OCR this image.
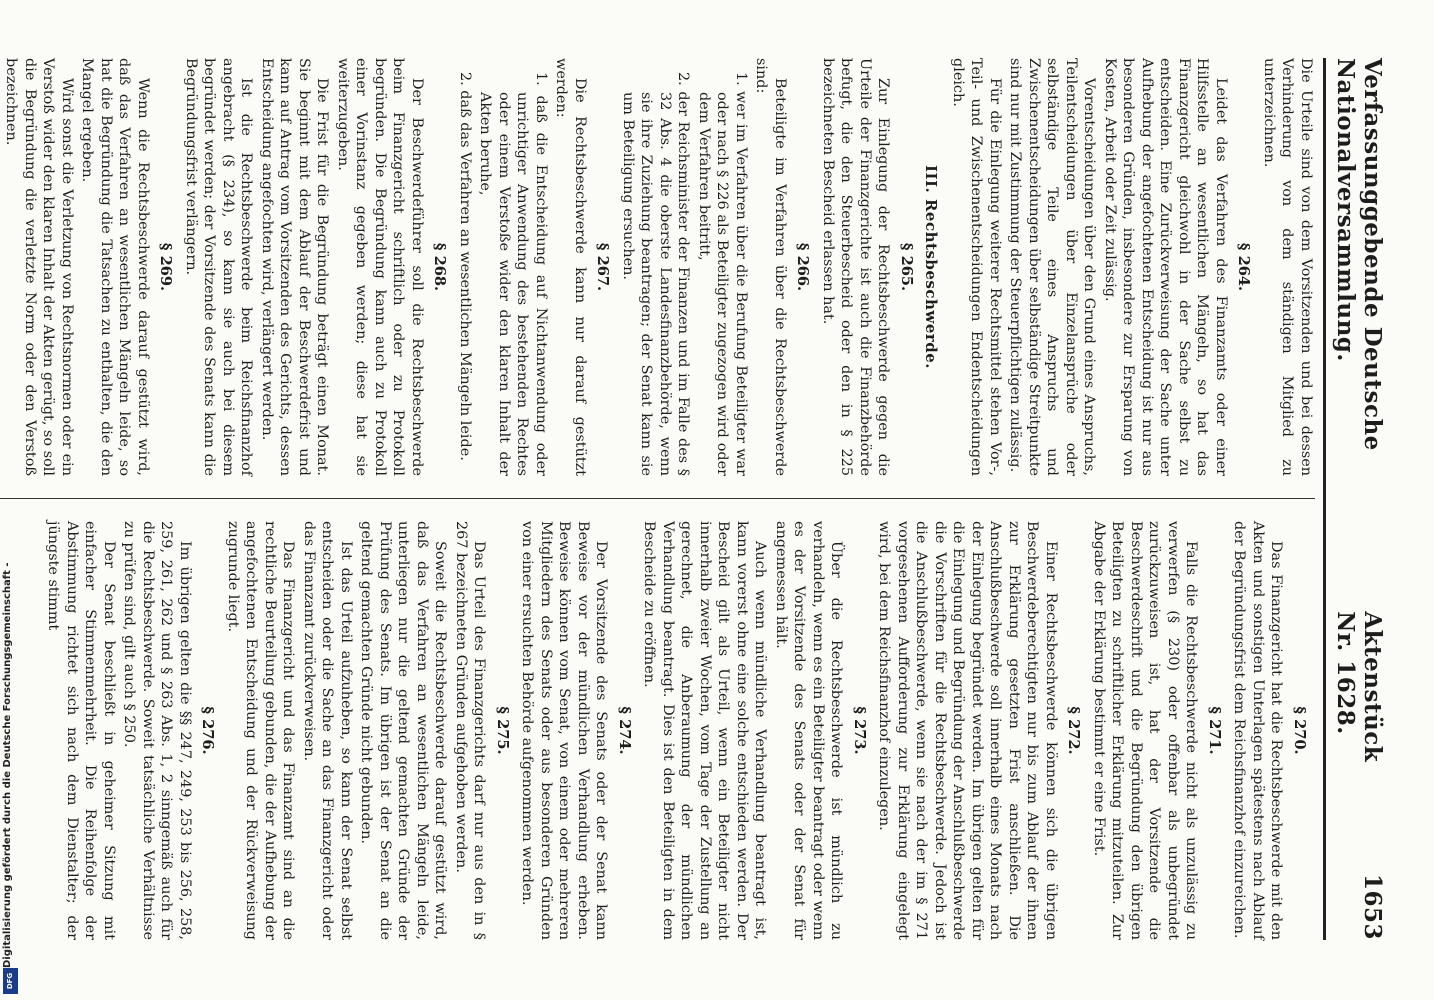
DFG
Digitalisierung gefördert durch die Deutsche Forschungsgemeinschaft -
Verfassunggebende Deutsche Nationalversammlung.
Aktenstück Nr. 1628.
1653

Die Urteile sind von dem Vorsitzenden und bei dessen Verhinderung von dem ständigen Mitglied zu unterzeichnen.

§ 264.

Leidet das Verfahren des Finanzamts oder einer Hilfsstelle an wesentlichen Mängeln, so hat das Finanzgericht gleichwohl in der Sache selbst zu entscheiden. Eine Zurückverweisung der Sache unter Aufhebung der angefochtenen Entscheidung ist nur aus besonderen Gründen, insbesondere zur Ersparung von Kosten, Arbeit oder Zeit zulässig.

Vorentscheidungen über den Grund eines Anspruchs, Teilentscheidungen über Einzelansprüche oder selbständige Teile eines Anspruchs und Zwischenentscheidungen über selbständige Streitpunkte sind nur mit Zustimmung der Steuerpflichtigen zulässig.

Für die Einlegung weiterer Rechtsmittel stehen Vor-, Teil- und Zwischenentscheidungen Endentscheidungen gleich.

III. Rechtsbeschwerde.
§ 265.

Zur Einlegung der Rechtsbeschwerde gegen die Urteile der Finanzgerichte ist auch die Finanzbehörde befugt, die den Steuerbescheid oder den in § 225 bezeichneten Bescheid erlassen hat.

§ 266.

Beteiligte im Verfahren über die Rechtsbeschwerde sind:

1. wer im Verfahren über die Berufung Beteiligter war oder nach § 226 als Beteiligter zugezogen wird oder dem Verfahren beitritt,

2. der Reichsminister der Finanzen und im Falle des § 32 Abs. 4 die oberste Landesfinanzbehörde, wenn sie ihre Zuziehung beantragen; der Senat kann sie um Beteiligung ersuchen.

§ 267.

Die Rechtsbeschwerde kann nur darauf gestützt werden:

1. daß die Entscheidung auf Nichtanwendung oder unrichtiger Anwendung des bestehenden Rechtes oder einem Verstoße wider den klaren Inhalt der Akten beruhe,

2. daß das Verfahren an wesentlichen Mängeln leide.

§ 268.

Der Beschwerdeführer soll die Rechtsbeschwerde beim Finanzgericht schriftlich oder zu Protokoll begründen. Die Begründung kann auch zu Protokoll einer Vorinstanz gegeben werden; diese hat sie weiterzugeben.

Die Frist für die Begründung beträgt einen Monat. Sie beginnt mit dem Ablauf der Beschwerdefrist und kann auf Antrag vom Vorsitzenden des Gerichts, dessen Entscheidung angefochten wird, verlängert werden.

Ist die Rechtsbeschwerde beim Reichsfinanzhof angebracht (§ 234), so kann sie auch bei diesem begründet werden; der Vorsitzende des Senats kann die Begründungsfrist verlängern.

§ 269.

Wenn die Rechtsbeschwerde darauf gestützt wird, daß das Verfahren an wesentlichen Mängeln leide, so hat die Begründung die Tatsachen zu enthalten, die den Mangel ergeben.

Wird sonst die Verletzung von Rechtsnormen oder ein Verstoß wider den klaren Inhalt der Akten gerügt, so soll die Begründung die verletzte Norm oder den Verstoß bezeichnen.

§ 270.

Das Finanzgericht hat die Rechtsbeschwerde mit den Akten und sonstigen Unterlagen spätestens nach Ablauf der Begründungsfrist dem Reichsfinanzhof einzureichen.

§ 271.

Falls die Rechtsbeschwerde nicht als unzulässig zu verwerfen (§ 230) oder offenbar als unbegründet zurückzuweisen ist, hat der Vorsitzende die Beschwerdeschrift und die Begründung den übrigen Beteiligten zu schriftlicher Erklärung mitzuteilen. Zur Abgabe der Erklärung bestimmt er eine Frist.

§ 272.

Einer Rechtsbeschwerde können sich die übrigen Beschwerdeberechtigten nur bis zum Ablauf der ihnen zur Erklärung gesetzten Frist anschließen. Die Anschlußbeschwerde soll innerhalb eines Monats nach der Einlegung begründet werden. Im übrigen gelten für die Einlegung und Begründung der Anschlußbeschwerde die Vorschriften für die Rechtsbeschwerde. Jedoch ist die Anschlußbeschwerde, wenn sie nach der im § 271 vorgesehenen Aufforderung zur Erklärung eingelegt wird, bei dem Reichsfinanzhof einzulegen.

§ 273.

Über die Rechtsbeschwerde ist mündlich zu verhandeln, wenn es ein Beteiligter beantragt oder wenn es der Vorsitzende des Senats oder der Senat für angemessen hält.

Auch wenn mündliche Verhandlung beantragt ist, kann vorerst ohne eine solche entschieden werden. Der Bescheid gilt als Urteil, wenn ein Beteiligter nicht innerhalb zweier Wochen, vom Tage der Zustellung an gerechnet, die Anberaumung der mündlichen Verhandlung beantragt. Dies ist den Beteiligten in dem Bescheide zu eröffnen.

§ 274.

Der Vorsitzende des Senats oder der Senat kann Beweise vor der mündlichen Verhandlung erheben. Beweise können vom Senat, von einem oder mehreren Mitgliedern des Senats oder aus besonderen Gründen von einer ersuchten Behörde aufgenommen werden.

§ 275.

Das Urteil des Finanzgerichts darf nur aus den in § 267 bezeichneten Gründen aufgehoben werden.

Soweit die Rechtsbeschwerde darauf gestützt wird, daß das Verfahren an wesentlichen Mängeln leide, unterliegen nur die geltend gemachten Gründe der Prüfung des Senats. Im übrigen ist der Senat an die geltend gemachten Gründe nicht gebunden.

Ist das Urteil aufzuheben, so kann der Senat selbst entscheiden oder die Sache an das Finanzgericht oder das Finanzamt zurückverweisen.

Das Finanzgericht und das Finanzamt sind an die rechtliche Beurteilung gebunden, die der Aufhebung der angefochtenen Entscheidung und der Rückverweisung zugrunde liegt.

§ 276.

Im übrigen gelten die §§ 247, 249, 253 bis 256, 258, 259, 261, 262 und § 263 Abs. 1, 2 sinngemäß auch für die Rechtsbeschwerde. Soweit tatsächliche Verhältnisse zu prüfen sind, gilt auch § 250.

Der Senat beschließt in geheimer Sitzung mit einfacher Stimmenmehrheit. Die Reihenfolge der Abstimmung richtet sich nach dem Dienstalter; der jüngste stimmt
